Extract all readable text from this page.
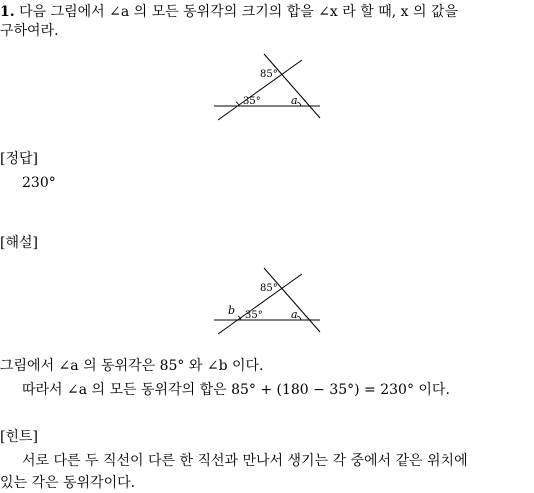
1. 다음 그림에서 ∠a 의 모든 동위각의 크기의 합을 ∠x 라 할 때, x 의 값을
구하여라.
85°
35°	a
[정답]
230°
[해설]
85°
35°
b	a
그림에서 ∠a 의 동위각은 85° 와 ∠b 이다.
따라서 ∠a 의 모든 동위각의 합은 85° + (180 − 35°) = 230° 이다.
[힌트]
서로 다른 두 직선이 다른 한 직선과 만나서 생기는 각 중에서 같은 위치에
있는 각은 동위각이다.
